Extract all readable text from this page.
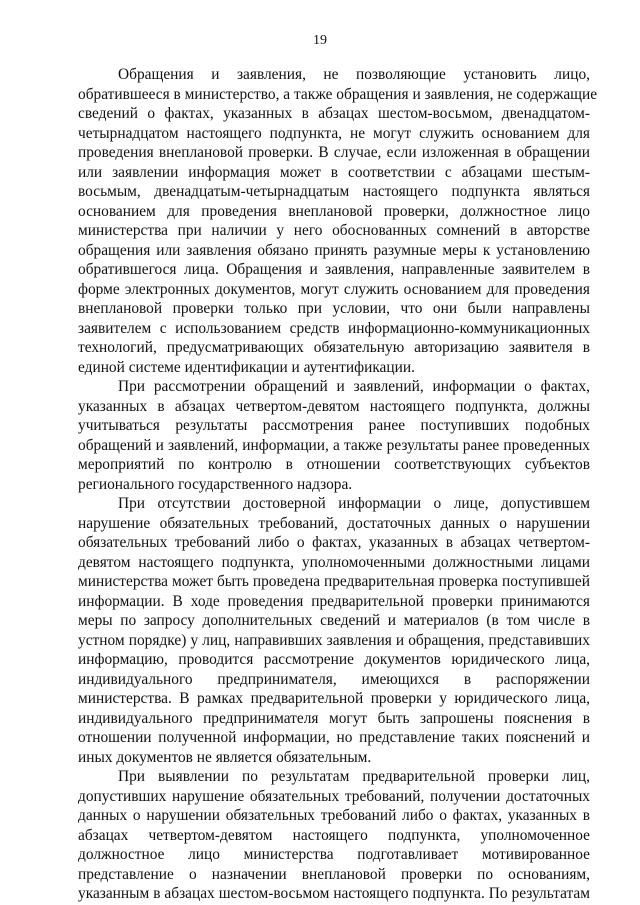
19
Обращения и заявления, не позволяющие установить лицо,
обратившееся в министерство, а также обращения и заявления, не содержащие
сведений о фактах, указанных в абзацах шестом-восьмом, двенадцатом-
четырнадцатом настоящего подпункта, не могут служить основанием для
проведения внеплановой проверки. В случае, если изложенная в обращении
или заявлении информация может в соответствии с абзацами шестым-
восьмым, двенадцатым-четырнадцатым настоящего подпункта являться
основанием для проведения внеплановой проверки, должностное лицо
министерства при наличии у него обоснованных сомнений в авторстве
обращения или заявления обязано принять разумные меры к установлению
обратившегося лица. Обращения и заявления, направленные заявителем в
форме электронных документов, могут служить основанием для проведения
внеплановой проверки только при условии, что они были направлены
заявителем с использованием средств информационно-коммуникационных
технологий, предусматривающих обязательную авторизацию заявителя в
единой системе идентификации и аутентификации.
При рассмотрении обращений и заявлений, информации о фактах,
указанных в абзацах четвертом-девятом настоящего подпункта, должны
учитываться результаты рассмотрения ранее поступивших подобных
обращений и заявлений, информации, а также результаты ранее проведенных
мероприятий по контролю в отношении соответствующих субъектов
регионального государственного надзора.
При отсутствии достоверной информации о лице, допустившем
нарушение обязательных требований, достаточных данных о нарушении
обязательных требований либо о фактах, указанных в абзацах четвертом-
девятом настоящего подпункта, уполномоченными должностными лицами
министерства может быть проведена предварительная проверка поступившей
информации. В ходе проведения предварительной проверки принимаются
меры по запросу дополнительных сведений и материалов (в том числе в
устном порядке) у лиц, направивших заявления и обращения, представивших
информацию, проводится рассмотрение документов юридического лица,
индивидуального предпринимателя, имеющихся в распоряжении
министерства. В рамках предварительной проверки у юридического лица,
индивидуального предпринимателя могут быть запрошены пояснения в
отношении полученной информации, но представление таких пояснений и
иных документов не является обязательным.
При выявлении по результатам предварительной проверки лиц,
допустивших нарушение обязательных требований, получении достаточных
данных о нарушении обязательных требований либо о фактах, указанных в
абзацах четвертом-девятом настоящего подпункта, уполномоченное
должностное лицо министерства подготавливает мотивированное
представление о назначении внеплановой проверки по основаниям,
указанным в абзацах шестом-восьмом настоящего подпункта. По результатам
